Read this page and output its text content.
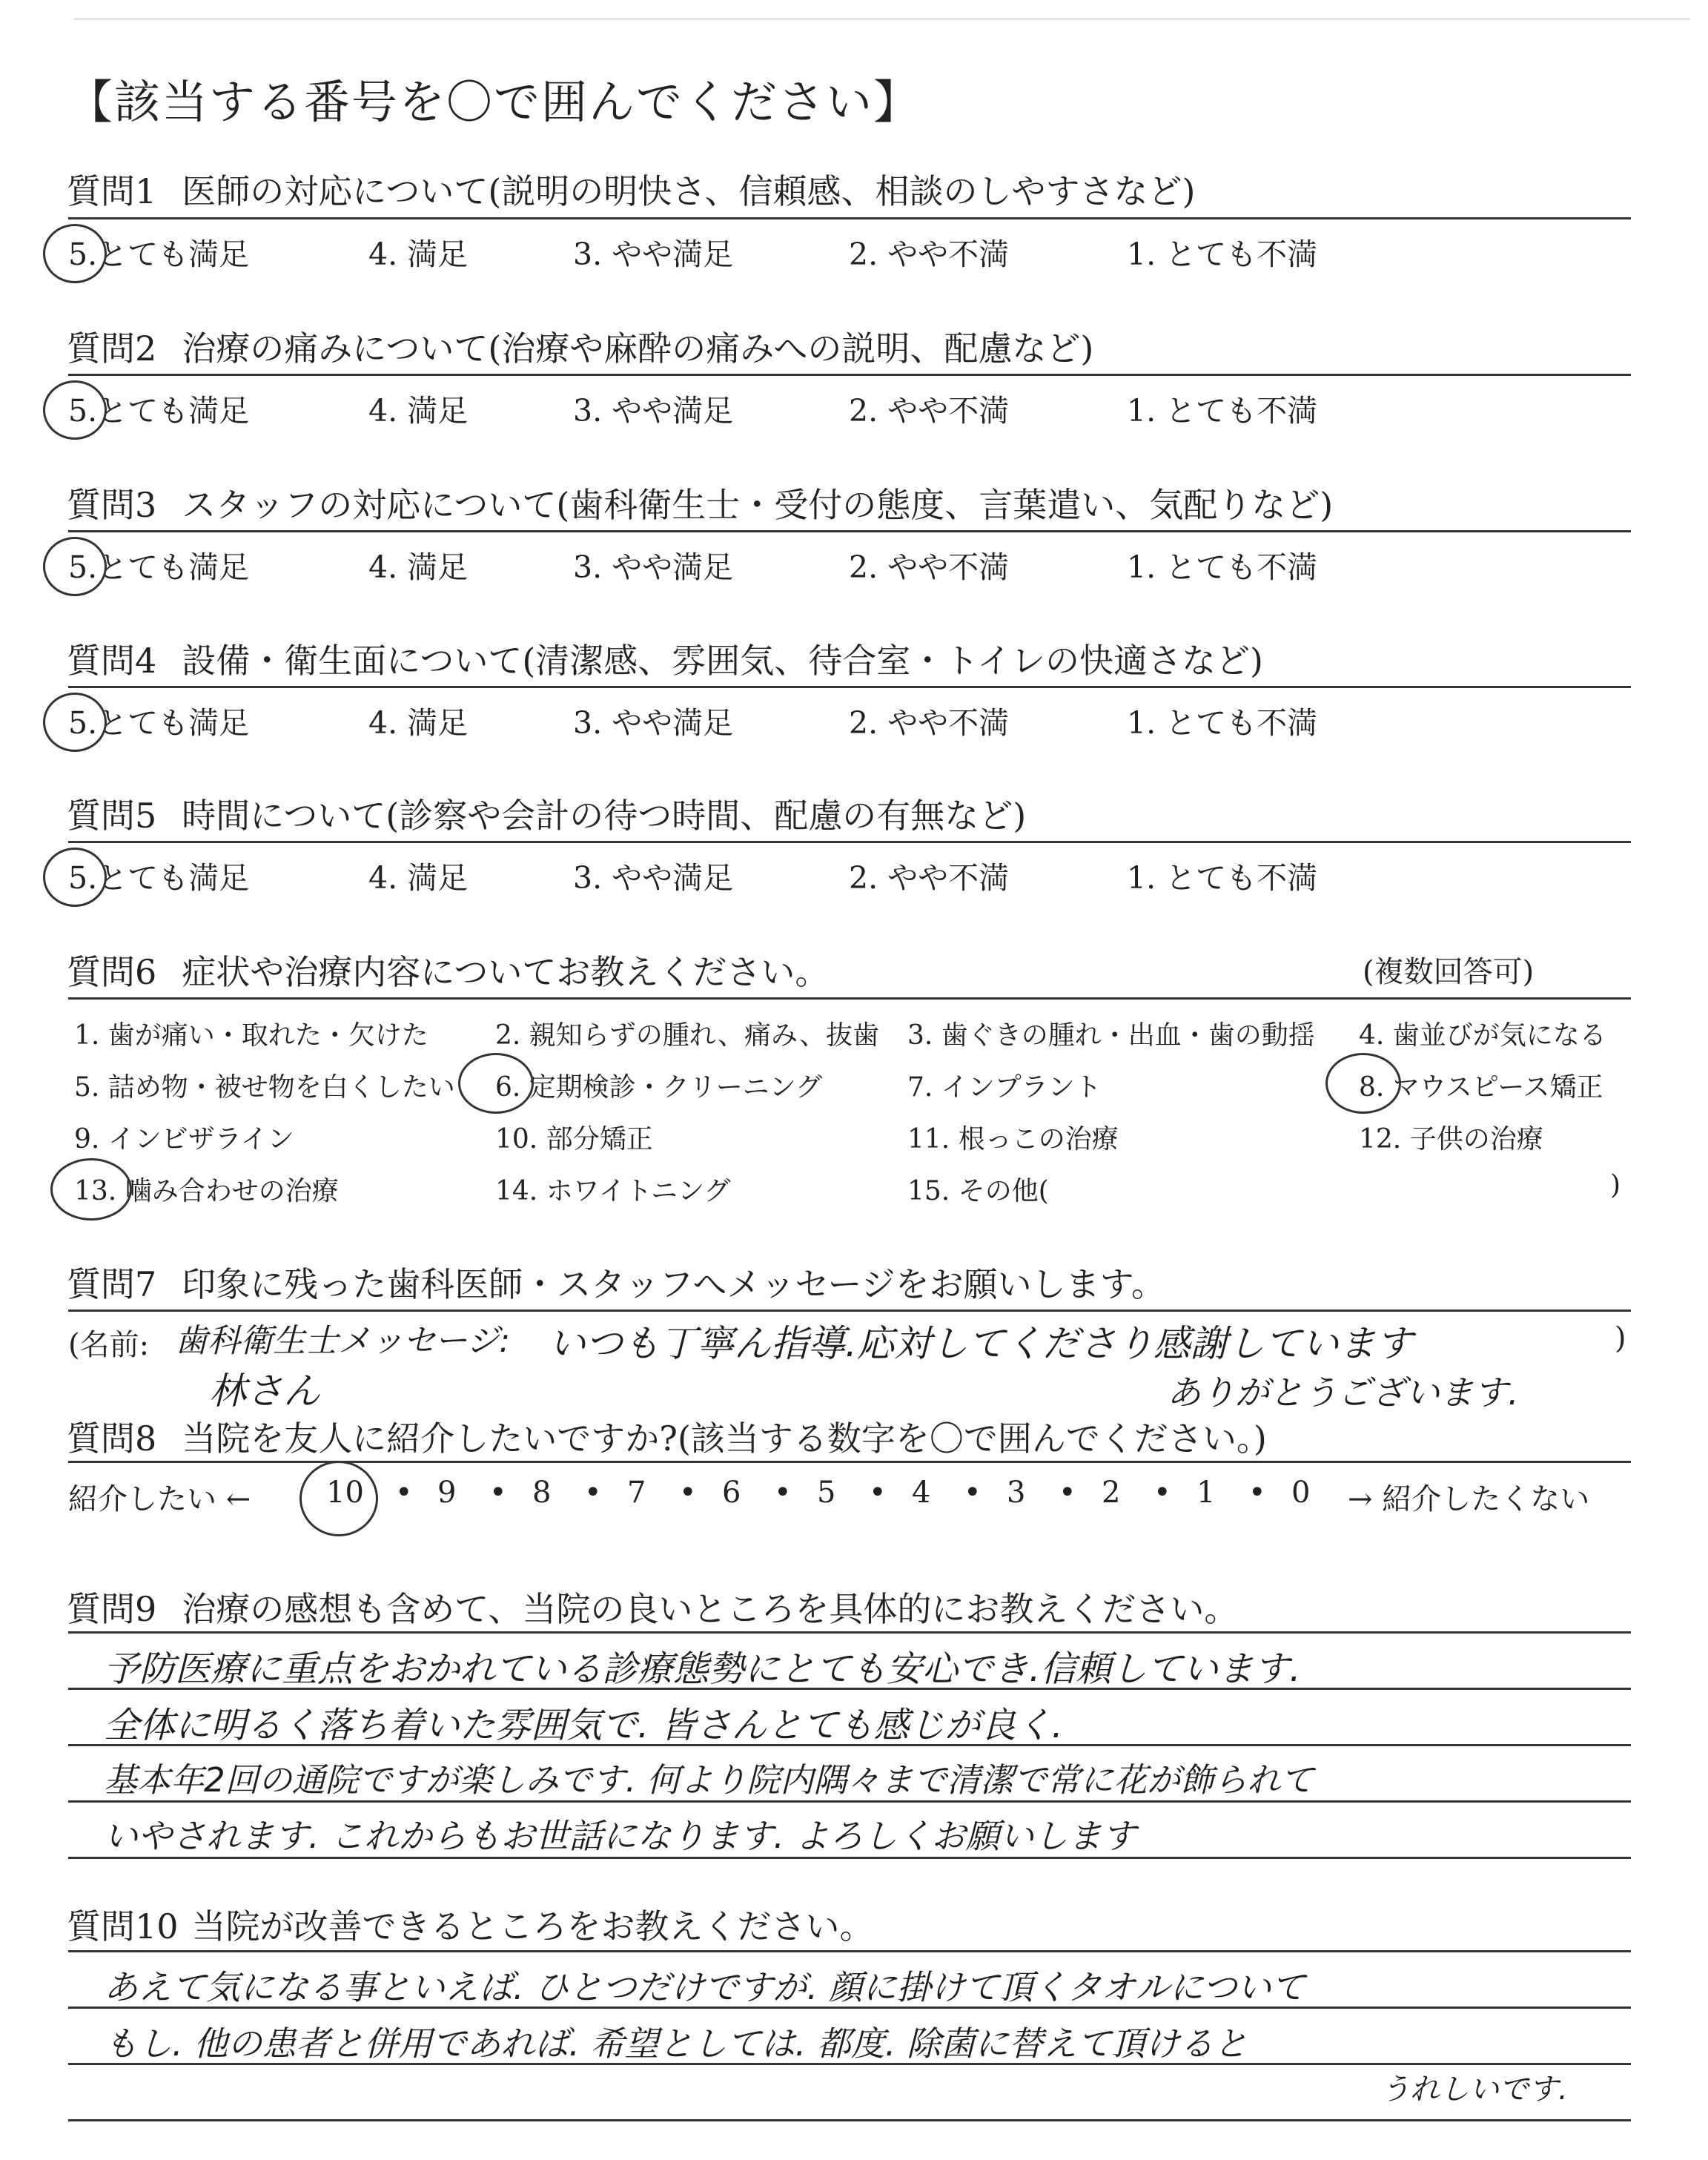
【該当する番号を〇で囲んでください】
質問1 医師の対応について(説明の明快さ、信頼感、相談のしやすさなど)
5.とても満足	4. 満足	3. やや満足	2. やや不満	1. とても不満
質問2 治療の痛みについて(治療や麻酔の痛みへの説明、配慮など)
5.とても満足	4. 満足	3. やや満足	2. やや不満	1. とても不満
質問3 スタッフの対応について(歯科衛生士・受付の態度、言葉遣い、気配りなど)
5.とても満足	4. 満足	3. やや満足	2. やや不満	1. とても不満
質問4 設備・衛生面について(清潔感、雰囲気、待合室・トイレの快適さなど)
5.とても満足	4. 満足	3. やや満足	2. やや不満	1. とても不満
質問5 時間について(診察や会計の待つ時間、配慮の有無など)
5.とても満足	4. 満足	3. やや満足	2. やや不満	1. とても不満
質問6 症状や治療内容についてお教えください。	(複数回答可)
1. 歯が痛い・取れた・欠けた	2. 親知らずの腫れ、痛み、抜歯 3. 歯ぐきの腫れ・出血・歯の動揺 4. 歯並びが気になる
5. 詰め物・被せ物を白くしたい 6. 定期検診・クリーニング	7. インプラント	8. マウスピース矯正
9. インビザライン	10. 部分矯正	11. 根っこの治療	12. 子供の治療
13. 噛み合わせの治療	14. ホワイトニング	15. その他(	)
質問7 印象に残った歯科医師・スタッフへメッセージをお願いします。
(名前:	)
歯科衛生士メッセージ:
林さん
いつも丁寧ん指導.応対してくださり感謝しています
ありがとうございます.
質問8 当院を友人に紹介したいですか?(該当する数字を〇で囲んでください。)
紹介したい ←	10 • 9 • 8 • 7 • 6 • 5 • 4 • 3 • 2 • 1 • 0 → 紹介したくない
質問9 治療の感想も含めて、当院の良いところを具体的にお教えください。
予防医療に重点をおかれている診療態勢にとても安心でき.信頼しています.
全体に明るく落ち着いた雰囲気で. 皆さんとても感じが良く.
基本年2回の通院ですが楽しみです. 何より院内隅々まで清潔で常に花が飾られて
いやされます. これからもお世話になります. よろしくお願いします
質問10 当院が改善できるところをお教えください。
あえて気になる事といえば. ひとつだけですが. 顔に掛けて頂くタオルについて
もし. 他の患者と併用であれば. 希望としては. 都度. 除菌に替えて頂けると
うれしいです.
